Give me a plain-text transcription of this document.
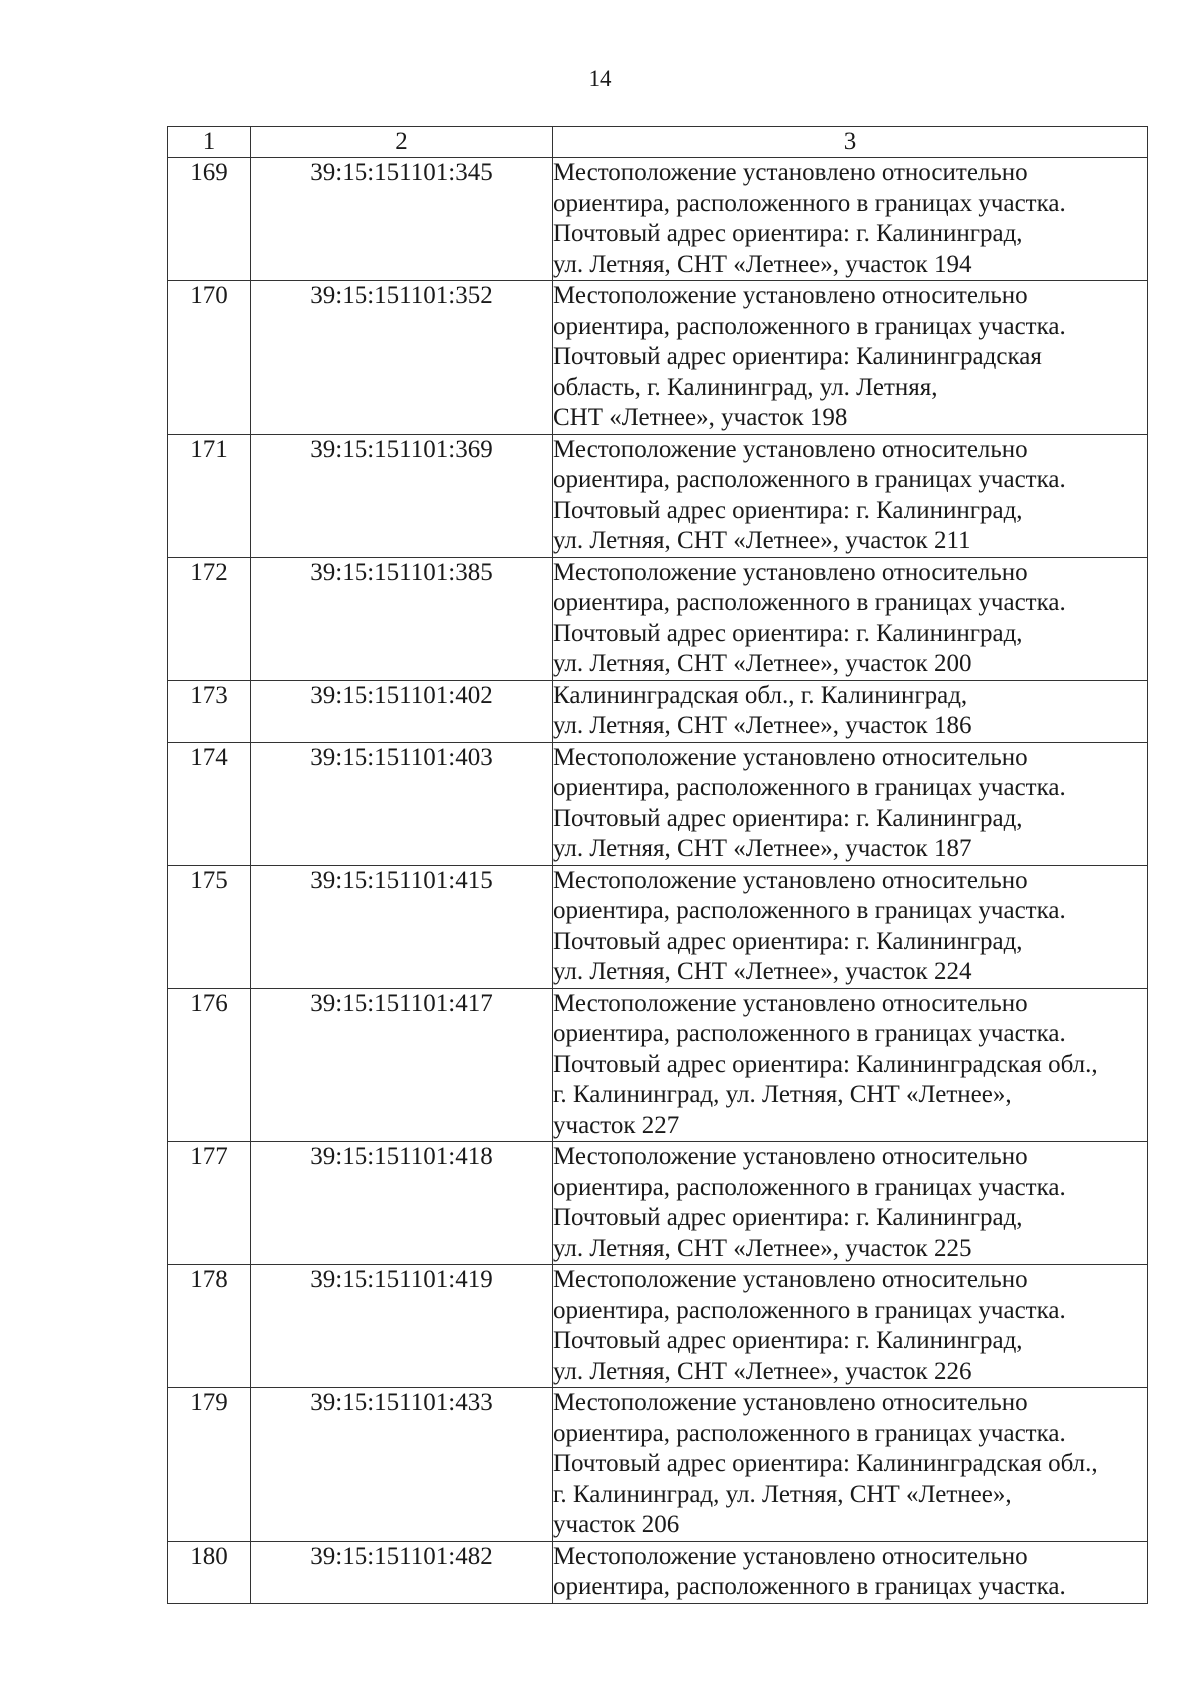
14
1	2	3
169	39:15:151101:345	Местоположение установлено относительно
ориентира, расположенного в границах участка.
Почтовый адрес ориентира: г. Калининград,
ул. Летняя, СНТ «Летнее», участок 194

170	39:15:151101:352	Местоположение установлено относительно
ориентира, расположенного в границах участка.
Почтовый адрес ориентира: Калининградская
область, г. Калининград, ул. Летняя,
СНТ «Летнее», участок 198

171	39:15:151101:369	Местоположение установлено относительно
ориентира, расположенного в границах участка.
Почтовый адрес ориентира: г. Калининград,
ул. Летняя, СНТ «Летнее», участок 211

172	39:15:151101:385	Местоположение установлено относительно
ориентира, расположенного в границах участка.
Почтовый адрес ориентира: г. Калининград,
ул. Летняя, СНТ «Летнее», участок 200

173	39:15:151101:402	Калининградская обл., г. Калининград,
ул. Летняя, СНТ «Летнее», участок 186

174	39:15:151101:403	Местоположение установлено относительно
ориентира, расположенного в границах участка.
Почтовый адрес ориентира: г. Калининград,
ул. Летняя, СНТ «Летнее», участок 187

175	39:15:151101:415	Местоположение установлено относительно
ориентира, расположенного в границах участка.
Почтовый адрес ориентира: г. Калининград,
ул. Летняя, СНТ «Летнее», участок 224

176	39:15:151101:417	Местоположение установлено относительно
ориентира, расположенного в границах участка.
Почтовый адрес ориентира: Калининградская обл.,
г. Калининград, ул. Летняя, СНТ «Летнее»,
участок 227

177	39:15:151101:418	Местоположение установлено относительно
ориентира, расположенного в границах участка.
Почтовый адрес ориентира: г. Калининград,
ул. Летняя, СНТ «Летнее», участок 225

178	39:15:151101:419	Местоположение установлено относительно
ориентира, расположенного в границах участка.
Почтовый адрес ориентира: г. Калининград,
ул. Летняя, СНТ «Летнее», участок 226

179	39:15:151101:433	Местоположение установлено относительно
ориентира, расположенного в границах участка.
Почтовый адрес ориентира: Калининградская обл.,
г. Калининград, ул. Летняя, СНТ «Летнее»,
участок 206

180	39:15:151101:482	Местоположение установлено относительно
ориентира, расположенного в границах участка.
